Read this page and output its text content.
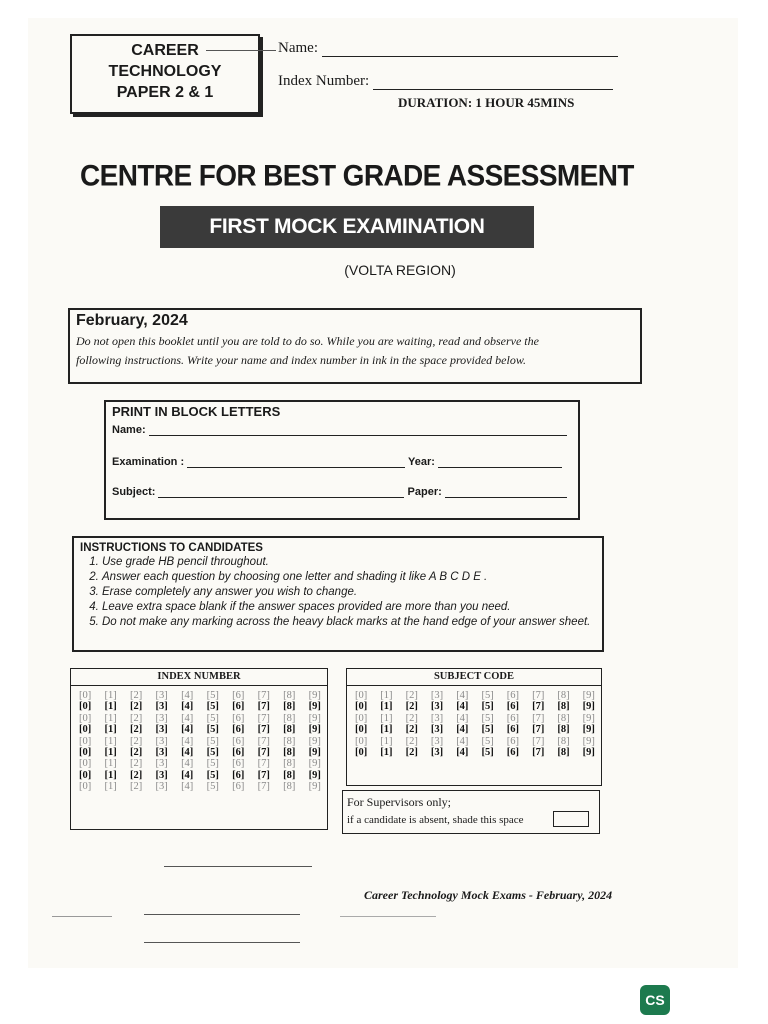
CAREER
TECHNOLOGY
PAPER 2 & 1
Name:
Index Number:
DURATION: 1 HOUR 45MINS
CENTRE FOR BEST GRADE ASSESSMENT
FIRST MOCK EXAMINATION
(VOLTA REGION)
February, 2024
Do not open this booklet until you are told to do so. While you are waiting, read and observe the
following instructions. Write your name and index number in ink in the space provided below.
PRINT IN BLOCK LETTERS
Name:
Examination :	Year:
Subject:	Paper:
INSTRUCTIONS TO CANDIDATES
1. Use grade HB pencil throughout.
2. Answer each question by choosing one letter and shading it like A B C D E .
3. Erase completely any answer you wish to change.
4. Leave extra space blank if the answer spaces provided are more than you need.
5. Do not make any marking across the heavy black marks at the hand edge of your answer sheet.
INDEX NUMBER
[0] [1] [2] [3] [4] [5] [6] [7] [8] [9]
[0] [1] [2] [3] [4] [5] [6] [7] [8] [9]
[0] [1] [2] [3] [4] [5] [6] [7] [8] [9]
[0] [1] [2] [3] [4] [5] [6] [7] [8] [9]
[0] [1] [2] [3] [4] [5] [6] [7] [8] [9]
[0] [1] [2] [3] [4] [5] [6] [7] [8] [9]
[0] [1] [2] [3] [4] [5] [6] [7] [8] [9]
[0] [1] [2] [3] [4] [5] [6] [7] [8] [9]
[0] [1] [2] [3] [4] [5] [6] [7] [8] [9]
SUBJECT CODE
[0] [1] [2] [3] [4] [5] [6] [7] [8] [9]
[0] [1] [2] [3] [4] [5] [6] [7] [8] [9]
[0] [1] [2] [3] [4] [5] [6] [7] [8] [9]
[0] [1] [2] [3] [4] [5] [6] [7] [8] [9]
[0] [1] [2] [3] [4] [5] [6] [7] [8] [9]
[0] [1] [2] [3] [4] [5] [6] [7] [8] [9]
For Supervisors only;
if a candidate is absent, shade this space
Career Technology Mock Exams - February, 2024
CS
